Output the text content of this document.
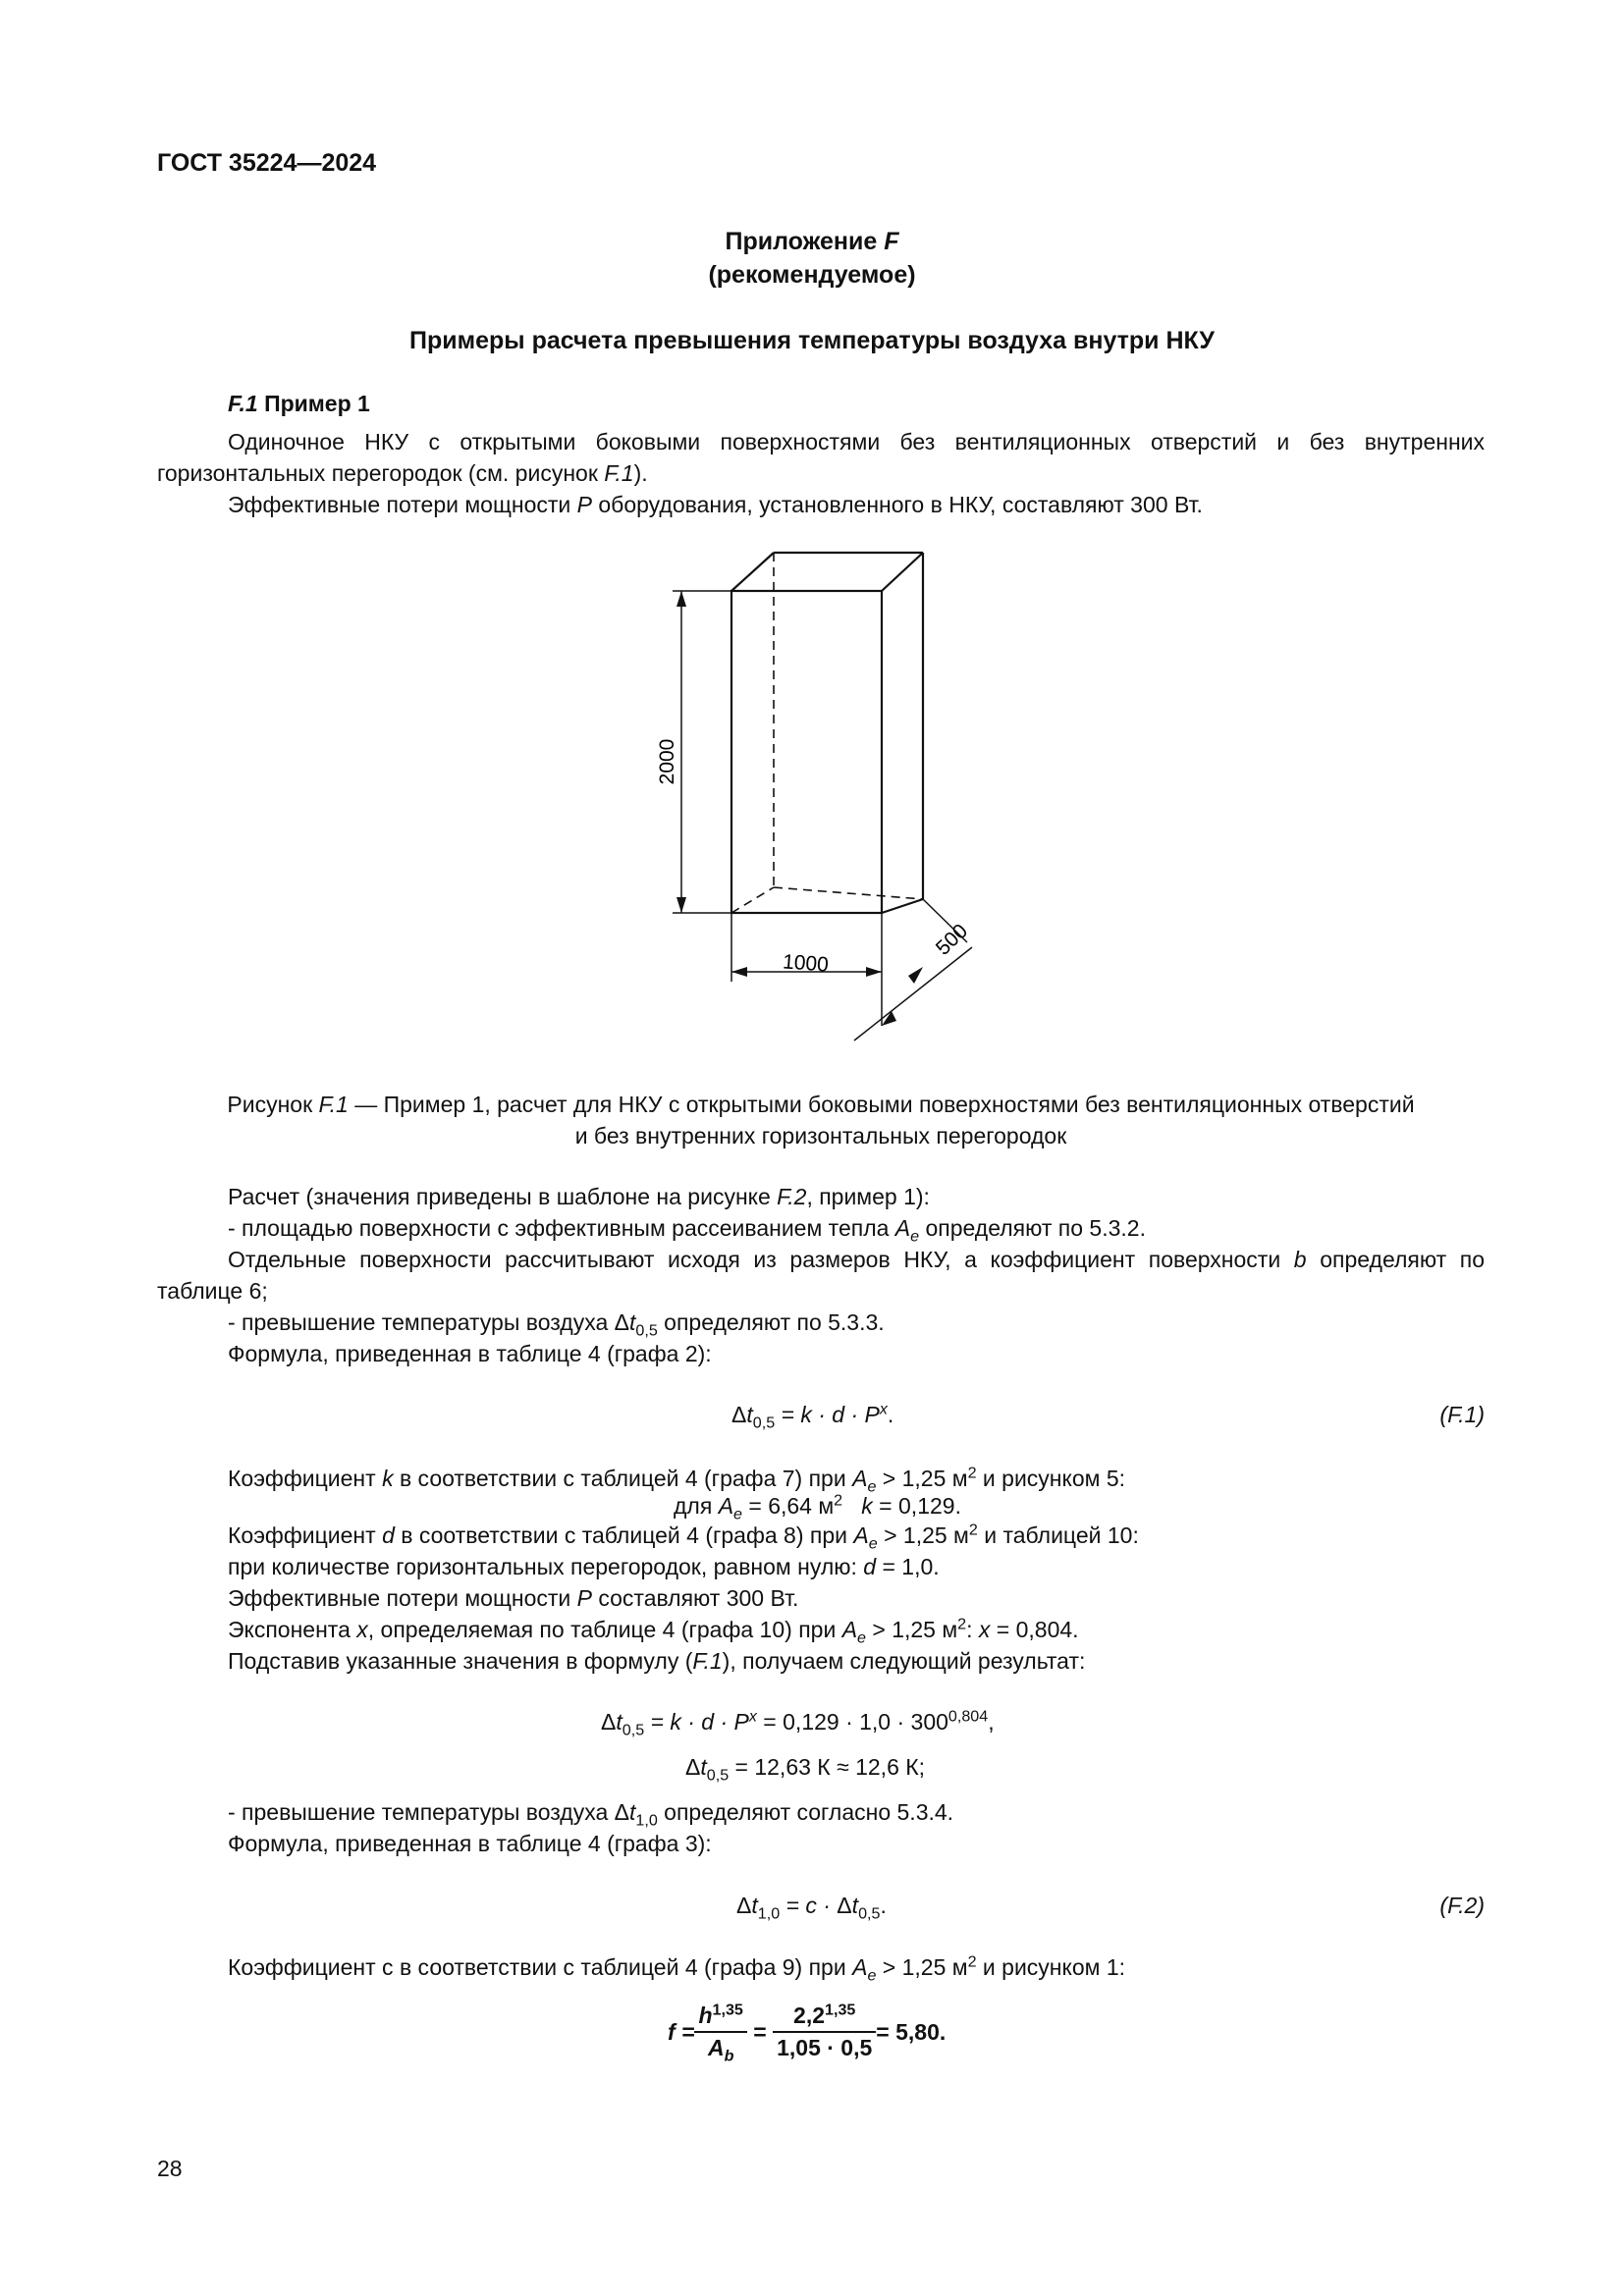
ГОСТ 35224—2024
Приложение F
(рекомендуемое)
Примеры расчета превышения температуры воздуха внутри НКУ
F.1 Пример 1
Одиночное НКУ с открытыми боковыми поверхностями без вентиляционных отверстий и без внутренних горизонтальных перегородок (см. рисунок F.1).
Эффективные потери мощности P оборудования, установленного в НКУ, составляют 300 Вт.
2000
1000
500
Рисунок F.1 — Пример 1, расчет для НКУ с открытыми боковыми поверхностями без вентиляционных отверстий
и без внутренних горизонтальных перегородок
Расчет (значения приведены в шаблоне на рисунке F.2, пример 1):
- площадью поверхности с эффективным рассеиванием тепла $A_e$ определяют по 5.3.2.
Отдельные поверхности рассчитывают исходя из размеров НКУ, а коэффициент поверхности b определяют по таблице 6;
- превышение температуры воздуха $\Delta t_{0,5}$ определяют по 5.3.3.
Формула, приведенная в таблице 4 (графа 2):
$\Delta t_{0,5} = k \cdot d \cdot P^x$.	(F.1)
Коэффициент k в соответствии с таблицей 4 (графа 7) при $A_e > 1,25$ $м^2$ и рисунком 5:
для $A_e = 6,64$ $м^2$ k = 0,129.
Коэффициент d в соответствии с таблицей 4 (графа 8) при $A_e > 1,25$ $м^2$ и таблицей 10:
при количестве горизонтальных перегородок, равном нулю: d = 1,0.
Эффективные потери мощности P составляют 300 Вт.
Экспонента x, определяемая по таблице 4 (графа 10) при $A_e > 1,25$ $м^2$: x = 0,804.
Подставив указанные значения в формулу (F.1), получаем следующий результат:
$\Delta t_{0,5} = k \cdot d \cdot P^x = 0,129 \cdot 1,0 \cdot 300^{0,804}$,
$\Delta t_{0,5} = 12,63$ К ≈ 12,6 К;
- превышение температуры воздуха $\Delta t_{1,0}$ определяют согласно 5.3.4.
Формула, приведенная в таблице 4 (графа 3):
$\Delta t_{1,0} = c \cdot \Delta t_{0,5}$.	(F.2)
Коэффициент с в соответствии с таблицей 4 (графа 9) при $A_e > 1,25$ $м^2$ и рисунком 1:
$f = \frac{h^{1,35}}{A_b} = \frac{2,2^{1,35}}{1,05 \cdot 0,5} = 5,80$.
28
